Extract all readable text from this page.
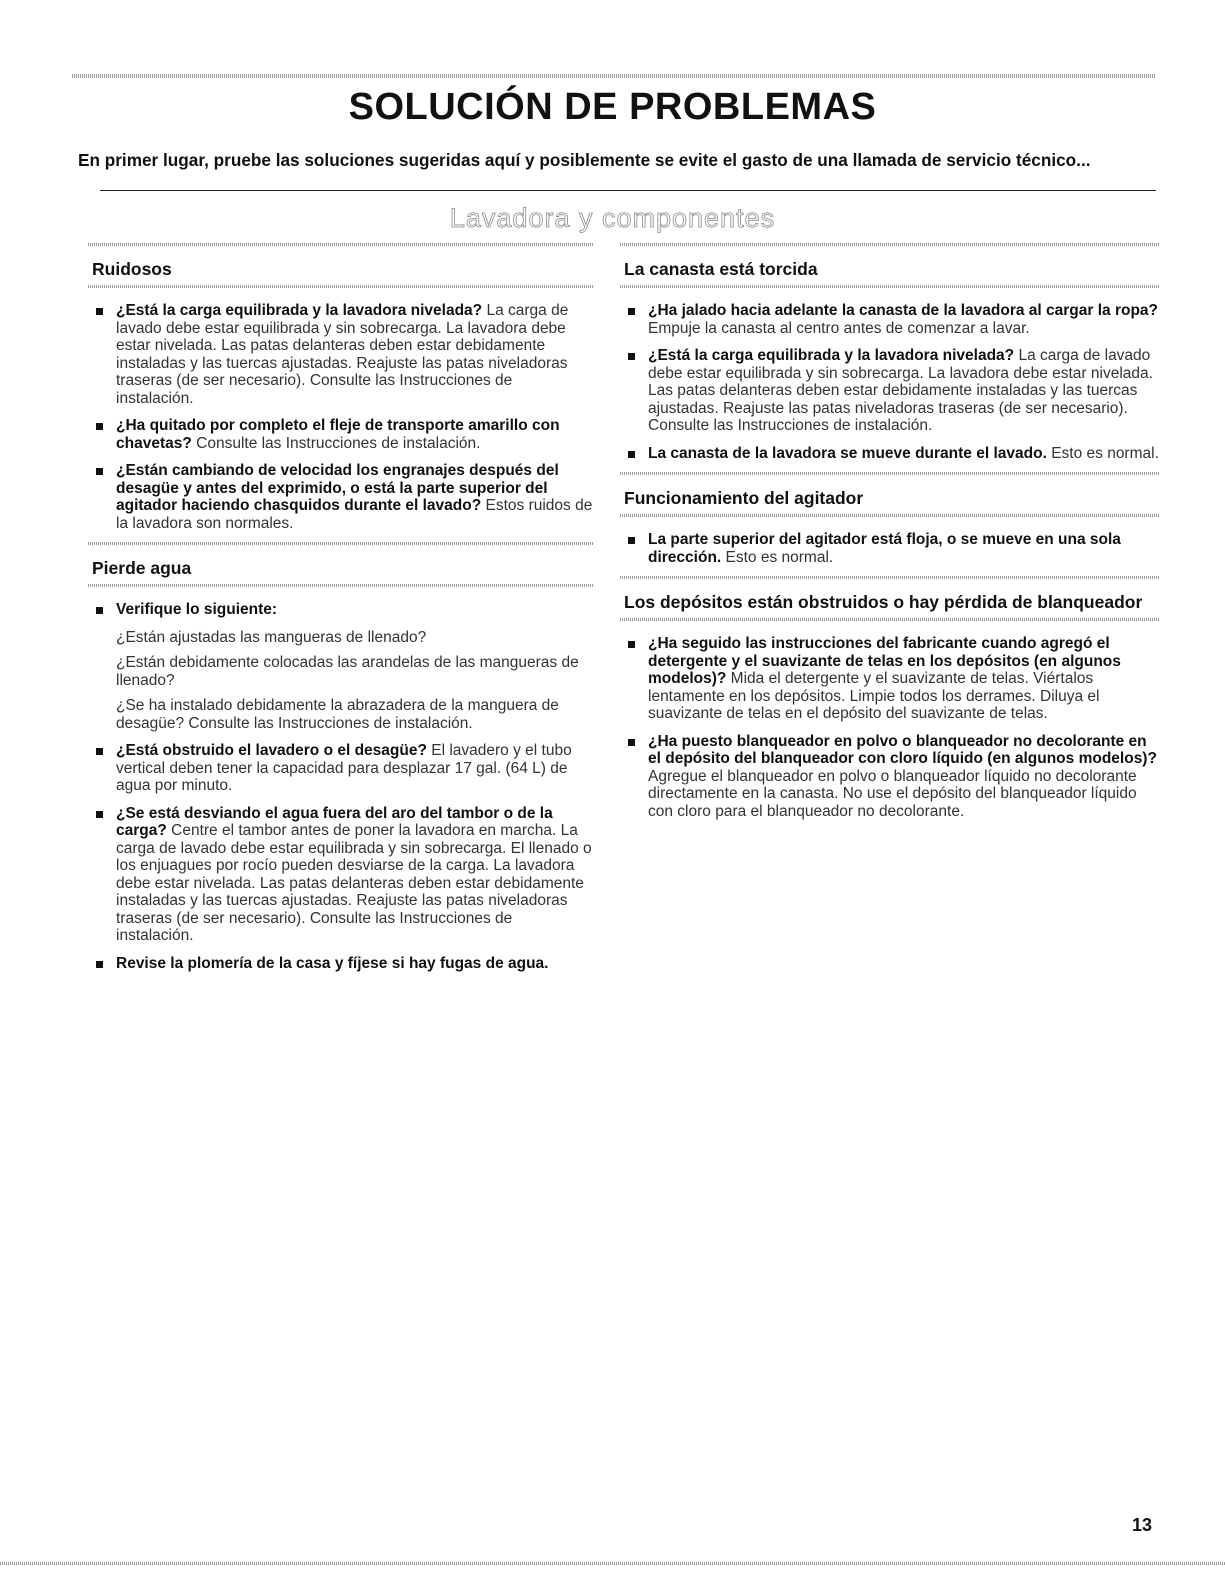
SOLUCIÓN DE PROBLEMAS
En primer lugar, pruebe las soluciones sugeridas aquí y posiblemente se evite el gasto de una llamada de servicio técnico...
Lavadora y componentes
Ruidosos
¿Está la carga equilibrada y la lavadora nivelada? La carga de lavado debe estar equilibrada y sin sobrecarga. La lavadora debe estar nivelada. Las patas delanteras deben estar debidamente instaladas y las tuercas ajustadas. Reajuste las patas niveladoras traseras (de ser necesario). Consulte las Instrucciones de instalación.
¿Ha quitado por completo el fleje de transporte amarillo con chavetas? Consulte las Instrucciones de instalación.
¿Están cambiando de velocidad los engranajes después del desagüe y antes del exprimido, o está la parte superior del agitador haciendo chasquidos durante el lavado? Estos ruidos de la lavadora son normales.
Pierde agua
Verifique lo siguiente:
¿Están ajustadas las mangueras de llenado?
¿Están debidamente colocadas las arandelas de las mangueras de llenado?
¿Se ha instalado debidamente la abrazadera de la manguera de desagüe? Consulte las Instrucciones de instalación.
¿Está obstruido el lavadero o el desagüe? El lavadero y el tubo vertical deben tener la capacidad para desplazar 17 gal. (64 L) de agua por minuto.
¿Se está desviando el agua fuera del aro del tambor o de la carga? Centre el tambor antes de poner la lavadora en marcha. La carga de lavado debe estar equilibrada y sin sobrecarga. El llenado o los enjuagues por rocío pueden desviarse de la carga. La lavadora debe estar nivelada. Las patas delanteras deben estar debidamente instaladas y las tuercas ajustadas. Reajuste las patas niveladoras traseras (de ser necesario). Consulte las Instrucciones de instalación.
Revise la plomería de la casa y fíjese si hay fugas de agua.
La canasta está torcida
¿Ha jalado hacia adelante la canasta de la lavadora al cargar la ropa? Empuje la canasta al centro antes de comenzar a lavar.
¿Está la carga equilibrada y la lavadora nivelada? La carga de lavado debe estar equilibrada y sin sobrecarga. La lavadora debe estar nivelada. Las patas delanteras deben estar debidamente instaladas y las tuercas ajustadas. Reajuste las patas niveladoras traseras (de ser necesario). Consulte las Instrucciones de instalación.
La canasta de la lavadora se mueve durante el lavado. Esto es normal.
Funcionamiento del agitador
La parte superior del agitador está floja, o se mueve en una sola dirección. Esto es normal.
Los depósitos están obstruidos o hay pérdida de blanqueador
¿Ha seguido las instrucciones del fabricante cuando agregó el detergente y el suavizante de telas en los depósitos (en algunos modelos)? Mida el detergente y el suavizante de telas. Viértalos lentamente en los depósitos. Limpie todos los derrames. Diluya el suavizante de telas en el depósito del suavizante de telas.
¿Ha puesto blanqueador en polvo o blanqueador no decolorante en el depósito del blanqueador con cloro líquido (en algunos modelos)? Agregue el blanqueador en polvo o blanqueador líquido no decolorante directamente en la canasta. No use el depósito del blanqueador líquido con cloro para el blanqueador no decolorante.
13
